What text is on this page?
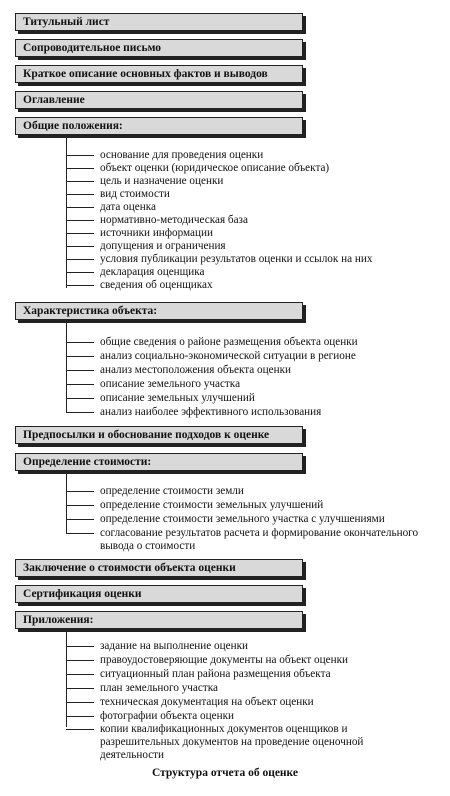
Титульный лист
Сопроводительное письмо
Краткое описание основных фактов и выводов
Оглавление
Общие положения:
основание для проведения оценки
объект оценки (юридическое описание объекта)
цель и назначение оценки
вид стоимости
дата оценка
нормативно-методическая база
источники информации
допущения и ограничения
условия публикации результатов оценки и ссылок на них
декларация оценщика
сведения об оценщиках
Характеристика объекта:
общие сведения о районе размещения объекта оценки
анализ социально-экономической ситуации в регионе
анализ местоположения объекта оценки
описание земельного участка
описание земельных улучшений
анализ наиболее эффективного использования
Предпосылки и обоснование подходов к оценке
Определение стоимости:
определение стоимости земли
определение стоимости земельных улучшений
определение стоимости земельного участка с улучшениями
согласование результатов расчета и формирование окончательного вывода о стоимости
Заключение о стоимости объекта оценки
Сертификация оценки
Приложения:
задание на выполнение оценки
правоудостоверяющие документы на объект оценки
ситуационный план района размещения объекта
план земельного участка
техническая документация на объект оценки
фотографии объекта оценки
копии квалификационных документов оценщиков и разрешительных документов на проведение оценочной деятельности
Структура отчета об оценке
